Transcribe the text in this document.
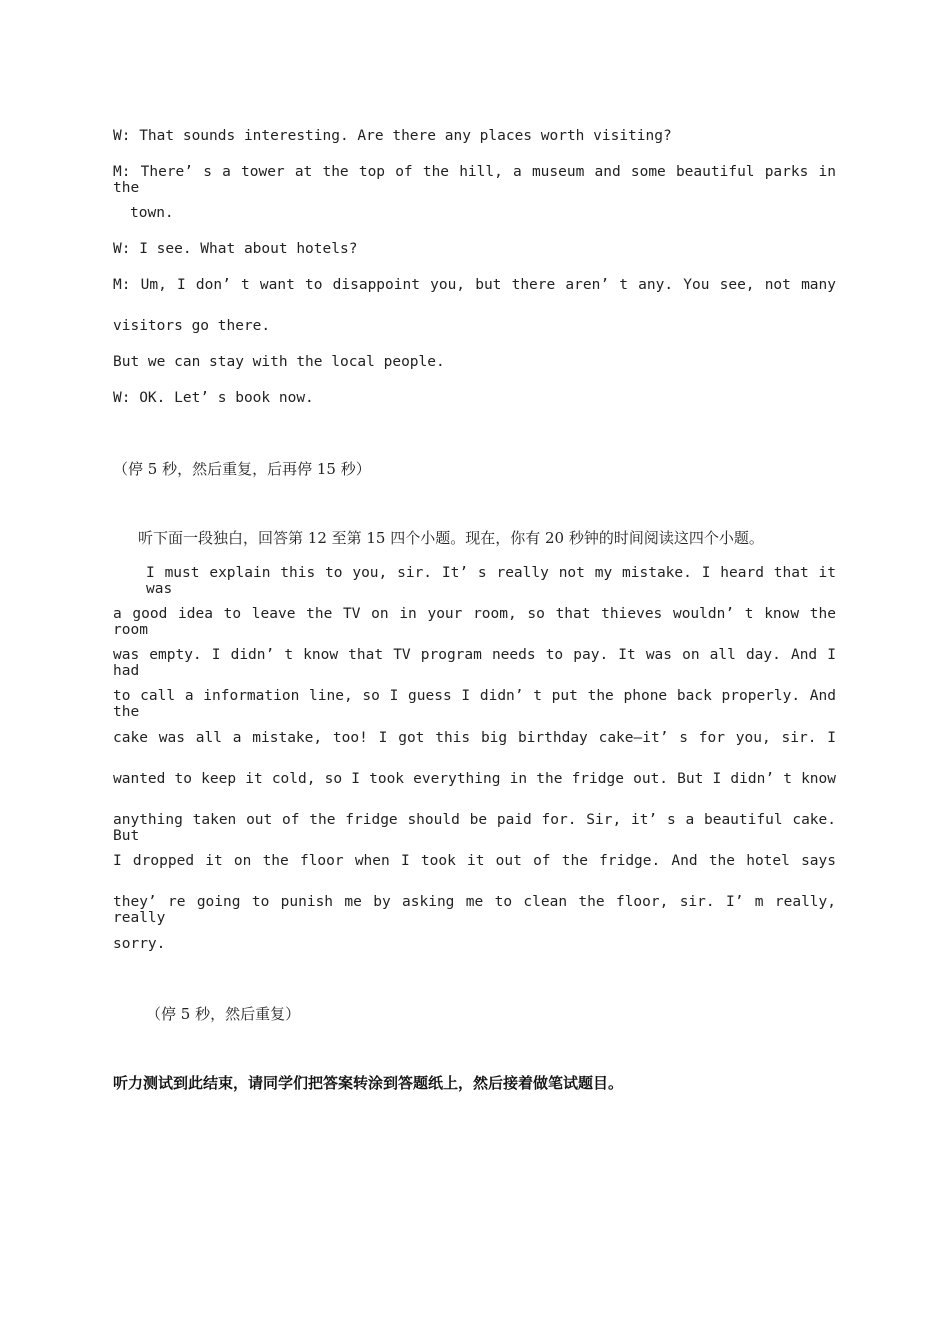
W: That sounds interesting. Are there any places worth visiting?
M: There’ s a tower at the top of the hill, a museum and some beautiful parks in the
town.
W: I see. What about hotels?
M: Um, I don’ t want to disappoint you, but there aren’ t any. You see, not many
visitors go there.
But we can stay with the local people.
W: OK. Let’ s book now.
（停 5 秒，然后重复，后再停 15 秒）
听下面一段独白，回答第 12 至第 15 四个小题。现在，你有 20 秒钟的时间阅读这四个小题。
I must explain this to you, sir. It’ s really not my mistake. I heard that it was
a good idea to leave the TV on in your room, so that thieves wouldn’ t know the room
was empty. I didn’ t know that TV program needs to pay. It was on all day. And I had
to call a information line, so I guess I didn’ t put the phone back properly. And the
cake was all a mistake, too! I got this big birthday cake—it’ s for you, sir. I
wanted to keep it cold, so I took everything in the fridge out. But I didn’ t know
anything taken out of the fridge should be paid for. Sir, it’ s a beautiful cake. But
I dropped it on the floor when I took it out of the fridge. And the hotel says
they’ re going to punish me by asking me to clean the floor, sir. I’ m really, really
sorry.
（停 5 秒，然后重复）
听力测试到此结束，请同学们把答案转涂到答题纸上，然后接着做笔试题目。
